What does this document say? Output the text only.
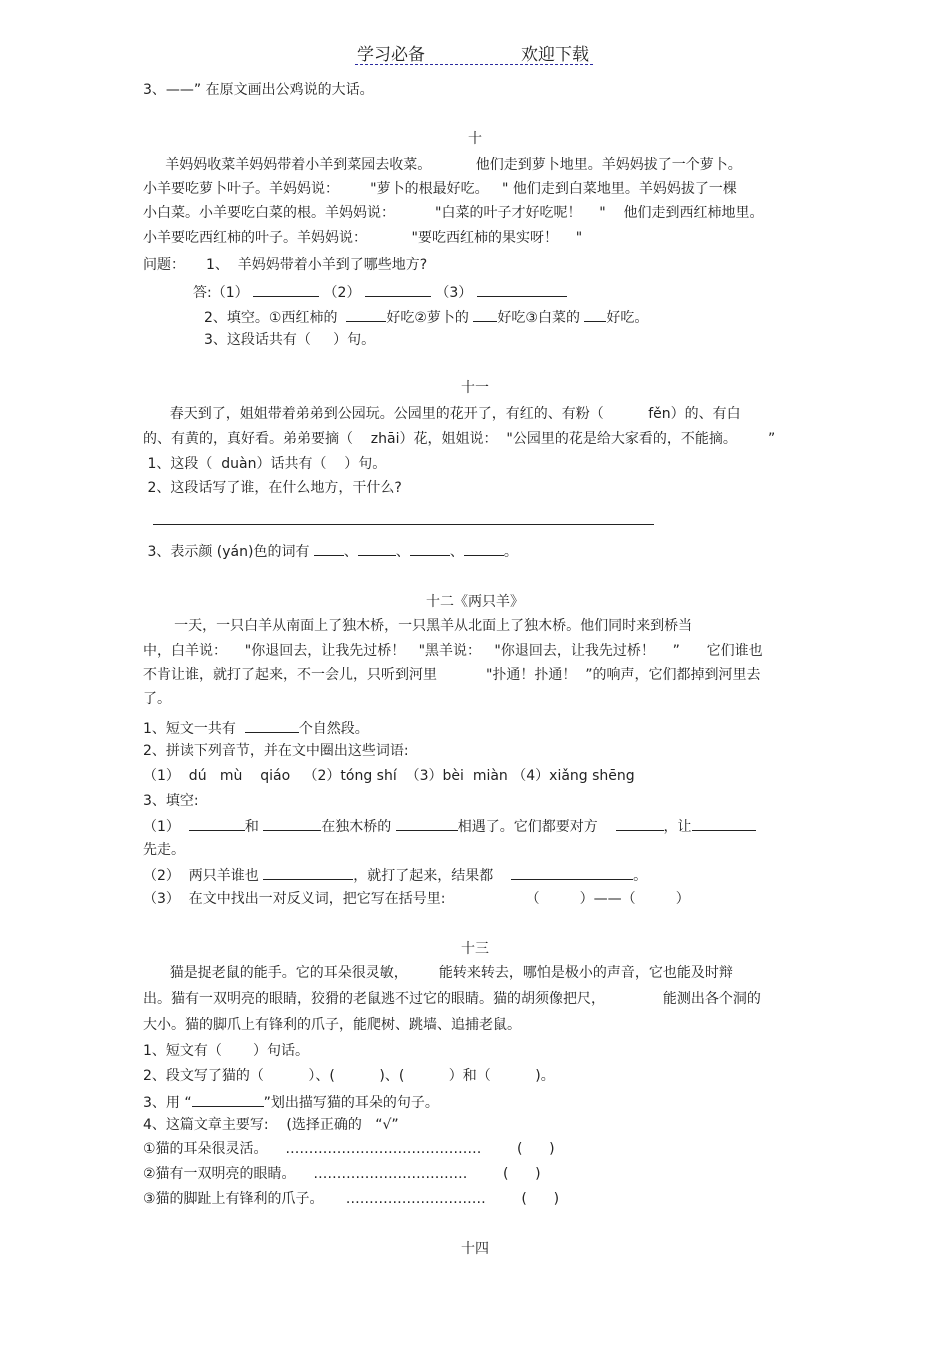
学习必备	欢迎下载
3、——” 在原文画出公鸡说的大话。
十
羊妈妈收菜羊妈妈带着小羊到菜园去收菜。          他们走到萝卜地里。羊妈妈拔了一个萝卜。
小羊要吃萝卜叶子。羊妈妈说：       "萝卜的根最好吃。   " 他们走到白菜地里。羊妈妈拔了一棵
小白菜。小羊要吃白菜的根。羊妈妈说：         "白菜的叶子才好吃呢！    "    他们走到西红柿地里。
小羊要吃西红柿的叶子。羊妈妈说：          "要吃西红柿的果实呀！    "
问题： 1、  羊妈妈带着小羊到了哪些地方?
答:（1）	（2）	（3）
2、填空。①西红柿的	好吃②萝卜的 好吃③白菜的 好吃。
3、这段话共有（     ）句。
十一
春天到了，姐姐带着弟弟到公园玩。公园里的花开了，有红的、有粉（          fěn）的、有白
的、有黄的，真好看。弟弟要摘（    zhāi）花，姐姐说：  "公园里的花是给大家看的，不能摘。       ”
1、这段（  duàn）话共有（    ）句。
2、这段话写了谁，在什么地方，干什么?
3、表示颜 (yán)色的词有 、	、	、	。
十二《两只羊》
一天，一只白羊从南面上了独木桥，一只黑羊从北面上了独木桥。他们同时来到桥当
中，白羊说：    "你退回去，让我先过桥！   "黑羊说：   "你退回去，让我先过桥！    ”      它们谁也
不肯让谁，就打了起来，不一会儿，只听到河里           "扑通！扑通！  ”的响声，它们都掉到河里去
了。
1、短文一共有	个自然段。
2、拼读下列音节，并在文中圈出这些词语:
（1）  dú   mù    qiáo   （2）tóng shí  （3）bèi  miàn （4）xiǎng shēng
3、填空:
（1）	和	在独木桥的	相遇了。它们都要对方	，让
先走。
（2）  两只羊谁也	，就打了起来，结果都	。
（3）  在文中找出一对反义词，把它写在括号里:                  （         ）——（         ）
十三
猫是捉老鼠的能手。它的耳朵很灵敏，       能转来转去，哪怕是极小的声音，它也能及时辩
出。猫有一双明亮的眼睛，狡猾的老鼠逃不过它的眼睛。猫的胡须像把尺，             能测出各个洞的
大小。猫的脚爪上有锋利的爪子，能爬树、跳墙、追捕老鼠。
1、短文有（       ）句话。
2、段文写了猫的（          ）、(          )、(          ）和（          )。
3、用 “	”划出描写猫的耳朵的句子。
4、这篇文章主要写:    (选择正确的   “√”
①猫的耳朵很灵活。    ……………………………………        (      )
②猫有一双明亮的眼睛。    ……………………………        (      )
③猫的脚趾上有锋利的爪子。     …………………………        (      )
十四
